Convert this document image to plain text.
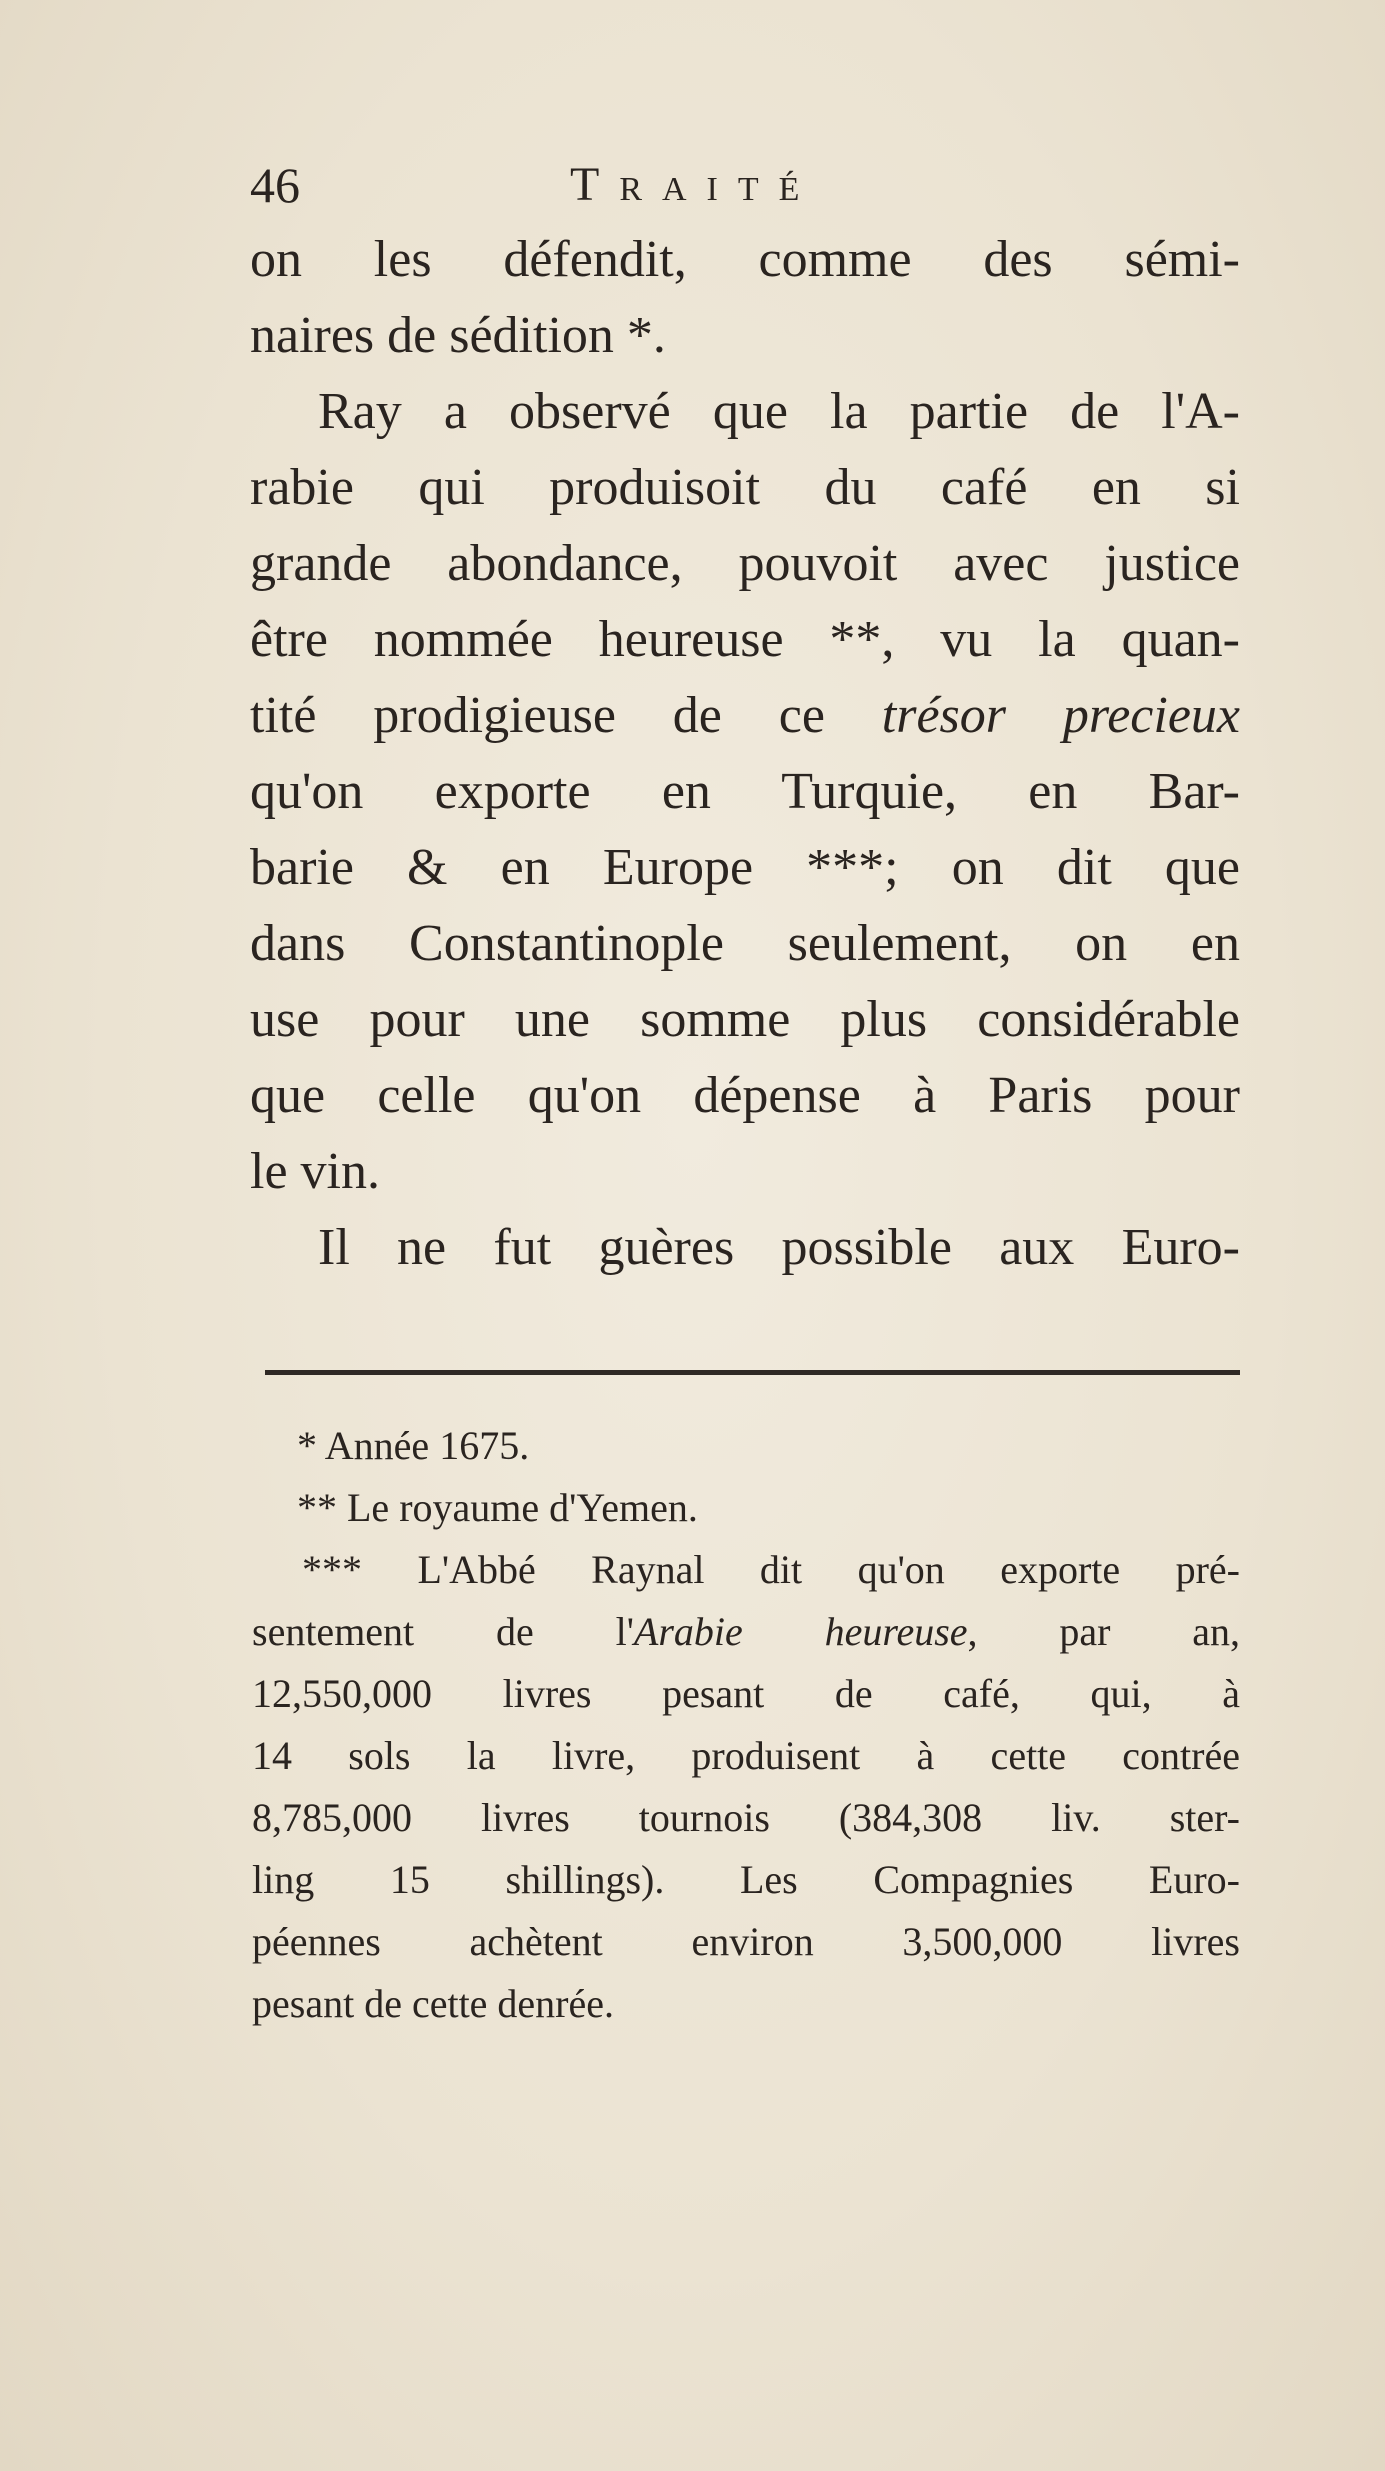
46	Traité
on les défendit, comme des sémi-
naires de sédition *.
Ray a observé que la partie de l'A-
rabie qui produisoit du café en si
grande abondance, pouvoit avec justice
être nommée heureuse **, vu la quan-
tité prodigieuse de ce trésor precieux
qu'on exporte en Turquie, en Bar-
barie & en Europe ***; on dit que
dans Constantinople seulement, on en
use pour une somme plus considérable
que celle qu'on dépense à Paris pour
le vin.
Il ne fut guères possible aux Euro-
* Année 1675.
** Le royaume d'Yemen.
*** L'Abbé Raynal dit qu'on exporte pré-
sentement de l'Arabie heureuse, par an,
12,550,000 livres pesant de café, qui, à
14 sols la livre, produisent à cette contrée
8,785,000 livres tournois (384,308 liv. ster-
ling 15 shillings). Les Compagnies Euro-
péennes achètent environ 3,500,000 livres
pesant de cette denrée.
